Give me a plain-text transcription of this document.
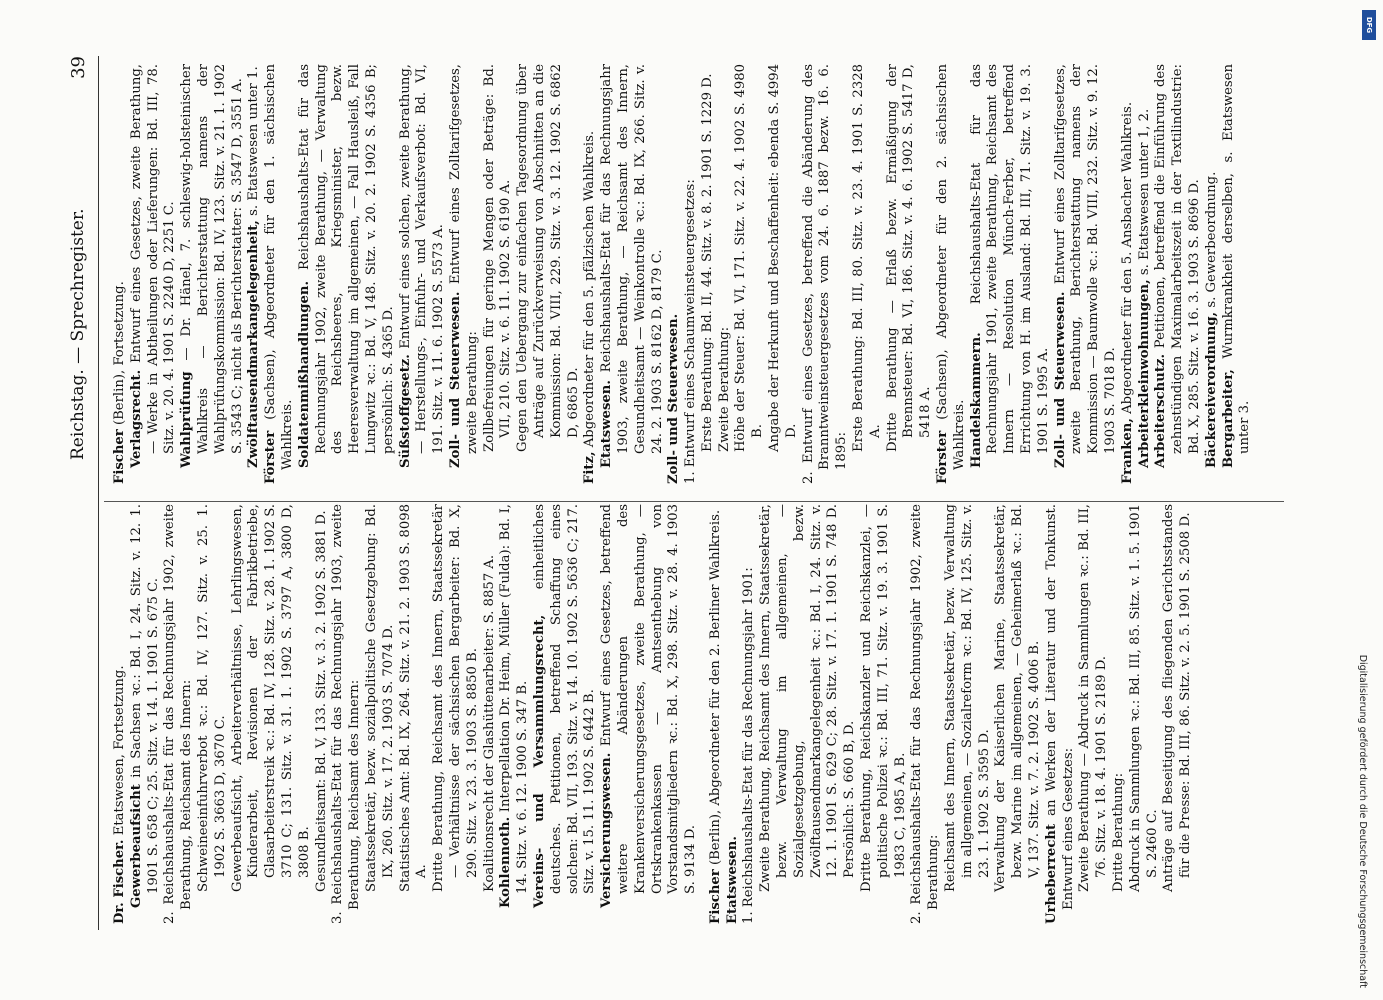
Reichstag. — Sprechregister.
39

Dr. Fischer. Etatswesen, Fortsetzung.

Gewerbeaufsicht in Sachsen ꝛc.: Bd. I, 24. Sitz. v. 12. 1. 1901 S. 658 C; 25. Sitz. v. 14. 1. 1901 S. 675 C. 2. Reichshaushalts-Etat für das Rechnungsjahr 1902, zweite Berathung, Reichsamt des Innern: Schweineeinfuhrverbot ꝛc.: Bd. IV, 127. Sitz. v. 25. 1. 1902 S. 3663 D, 3670 C. Gewerbeaufsicht, Arbeiterverhältnisse, Lehrlingswesen, Kinderarbeit, Revisionen der Fabrikbetriebe, Glasarbeiterstreik ꝛc.: Bd. IV, 128. Sitz. v. 28. 1. 1902 S. 3710 C; 131. Sitz. v. 31. 1. 1902 S. 3797 A, 3800 D, 3808 B. Gesundheitsamt: Bd. V, 133. Sitz. v. 3. 2. 1902 S. 3881 D. 3. Reichshaushalts-Etat für das Rechnungsjahr 1903, zweite Berathung, Reichsamt des Innern: Staatssekretär, bezw. sozialpolitische Gesetzgebung: Bd. IX, 260. Sitz. v. 17. 2. 1903 S. 7074 D. Statistisches Amt: Bd. IX, 264. Sitz. v. 21. 2. 1903 S. 8098 A. Dritte Berathung, Reichsamt des Innern, Staatssekretär — Verhältnisse der sächsischen Bergarbeiter: Bd. X, 290. Sitz. v. 23. 3. 1903 S. 8850 B. Koalitionsrecht der Glashüttenarbeiter: S. 8857 A. Kohlennoth. Interpellation Dr. Heim, Müller (Fulda): Bd. I, 14. Sitz. v. 6. 12. 1900 S. 347 B. Vereins- und Versammlungsrecht, einheitliches deutsches. Petitionen, betreffend Schaffung eines solchen: Bd. VII, 193. Sitz. v. 14. 10. 1902 S. 5636 C; 217. Sitz. v. 15. 11. 1902 S. 6442 B. Versicherungswesen. Entwurf eines Gesetzes, betreffend weitere Abänderungen des Krankenversicherungsgesetzes, zweite Berathung, — Ortskrankenkassen — Amtsenthebung von Vorstandsmitgliedern ꝛc.: Bd. X, 298. Sitz. v. 28. 4. 1903 S. 9134 D.

Fischer (Berlin), Abgeordneter für den 2. Berliner Wahlkreis.

Etatswesen. 1. Reichshaushalts-Etat für das Rechnungsjahr 1901: Zweite Berathung, Reichsamt des Innern, Staatssekretär, bezw. Verwaltung im allgemeinen, — Sozialgesetzgebung, bezw. Zwölftausendmarkangelegenheit ꝛc.: Bd. I, 24. Sitz. v. 12. 1. 1901 S. 629 C; 28. Sitz. v. 17. 1. 1901 S. 748 D. Persönlich: S. 660 B, D. Dritte Berathung, Reichskanzler und Reichskanzlei, — politische Polizei ꝛc.: Bd. III, 71. Sitz. v. 19. 3. 1901 S. 1983 C, 1985 A, B. 2. Reichshaushalts-Etat für das Rechnungsjahr 1902, zweite Berathung: Reichsamt des Innern, Staatssekretär, bezw. Verwaltung im allgemeinen, — Sozialreform ꝛc.: Bd. IV, 125. Sitz. v. 23. 1. 1902 S. 3595 D. Verwaltung der Kaiserlichen Marine, Staatssekretär, bezw. Marine im allgemeinen, — Geheimerlaß ꝛc.: Bd. V, 137. Sitz. v. 7. 2. 1902 S. 4006 B. Urheberrecht an Werken der Literatur und der Tonkunst. Entwurf eines Gesetzes: Zweite Berathung — Abdruck in Sammlungen ꝛc.: Bd. III, 76. Sitz. v. 18. 4. 1901 S. 2189 D. Dritte Berathung: Abdruck in Sammlungen ꝛc.: Bd. III, 85. Sitz. v. 1. 5. 1901 S. 2460 C. Anträge auf Beseitigung des fliegenden Gerichtsstandes für die Presse: Bd. III, 86. Sitz. v. 2. 5. 1901 S. 2508 D.

Fischer (Berlin), Fortsetzung. Verlagsrecht. Entwurf eines Gesetzes, zweite Berathung, — Werke in Abtheilungen oder Lieferungen: Bd. III, 78. Sitz. v. 20. 4. 1901 S. 2240 D, 2251 C. Wahlprüfung — Dr. Hänel, 7. schleswig-holsteinischer Wahlkreis — Berichterstattung namens der Wahlprüfungskommission: Bd. IV, 123. Sitz. v. 21. 1. 1902 S. 3543 C; nicht als Berichterstatter: S. 3547 D, 3551 A. Zwölftausendmarkangelegenheit, s. Etatswesen unter 1.

Förster (Sachsen), Abgeordneter für den 1. sächsischen Wahlkreis. Soldatenmißhandlungen. Reichshaushalts-Etat für das Rechnungsjahr 1902, zweite Berathung, — Verwaltung des Reichsheeres, Kriegsminister, bezw. Heeresverwaltung im allgemeinen, — Fall Hausleiß, Fall Lungwitz ꝛc.: Bd. V, 148. Sitz. v. 20. 2. 1902 S. 4356 B; persönlich: S. 4365 D. Süßstoffgesetz. Entwurf eines solchen, zweite Berathung, — Herstellungs-, Einfuhr- und Verkaufsverbot: Bd. VI, 191. Sitz. v. 11. 6. 1902 S. 5573 A. Zoll- und Steuerwesen. Entwurf eines Zolltarifgesetzes, zweite Berathung: Zollbefreiungen für geringe Mengen oder Beträge: Bd. VII, 210. Sitz. v. 6. 11. 1902 S. 6190 A. Gegen den Uebergang zur einfachen Tagesordnung über Anträge auf Zurückverweisung von Abschnitten an die Kommission: Bd. VIII, 229. Sitz. v. 3. 12. 1902 S. 6862 D, 6865 D.

Fitz, Abgeordneter für den 5. pfälzischen Wahlkreis. Etatswesen. Reichshaushalts-Etat für das Rechnungsjahr 1903, zweite Berathung, — Reichsamt des Innern, Gesundheitsamt — Weinkontrolle ꝛc.: Bd. IX, 266. Sitz. v. 24. 2. 1903 S. 8162 D, 8179 C. Zoll- und Steuerwesen. 1. Entwurf eines Schaumweinsteuergesetzes: Erste Berathung: Bd. II, 44. Sitz. v. 8. 2. 1901 S. 1229 D. Zweite Berathung: Höhe der Steuer: Bd. VI, 171. Sitz. v. 22. 4. 1902 S. 4980 B. Angabe der Herkunft und Beschaffenheit: ebenda S. 4994 D. 2. Entwurf eines Gesetzes, betreffend die Abänderung des Branntweinsteuergesetzes vom 24. 6. 1887 bezw. 16. 6. 1895: Erste Berathung: Bd. III, 80. Sitz. v. 23. 4. 1901 S. 2328 A. Dritte Berathung — Erlaß bezw. Ermäßigung der Brennsteuer: Bd. VI, 186. Sitz. v. 4. 6. 1902 S. 5417 D, 5418 A.

Förster (Sachsen), Abgeordneter für den 2. sächsischen Wahlkreis. Handelskammern. Reichshaushalts-Etat für das Rechnungsjahr 1901, zweite Berathung, Reichsamt des Innern — Resolution Münch-Ferber, betreffend Errichtung von H. im Ausland: Bd. III, 71. Sitz. v. 19. 3. 1901 S. 1995 A. Zoll- und Steuerwesen. Entwurf eines Zolltarifgesetzes, zweite Berathung, Berichterstattung namens der Kommission — Baumwolle ꝛc.: Bd. VIII, 232. Sitz. v. 9. 12. 1903 S. 7018 D. Franken, Abgeordneter für den 5. Ansbacher Wahlkreis. Arbeiterkleinwohnungen, s. Etatswesen unter 1, 2.

Arbeiterschutz. Petitionen, betreffend die Einführung des zehnstündigen Maximalarbeitszeit in der Textilindustrie: Bd. X, 285. Sitz. v. 16. 3. 1903 S. 8696 D. Bäckereiverordnung, s. Gewerbeordnung.

Bergarbeiter, Wurmkrankheit derselben, s. Etatswesen unter 3.

Digitalisierung gefördert durch die Deutsche Forschungsgemeinschaft
DFG
